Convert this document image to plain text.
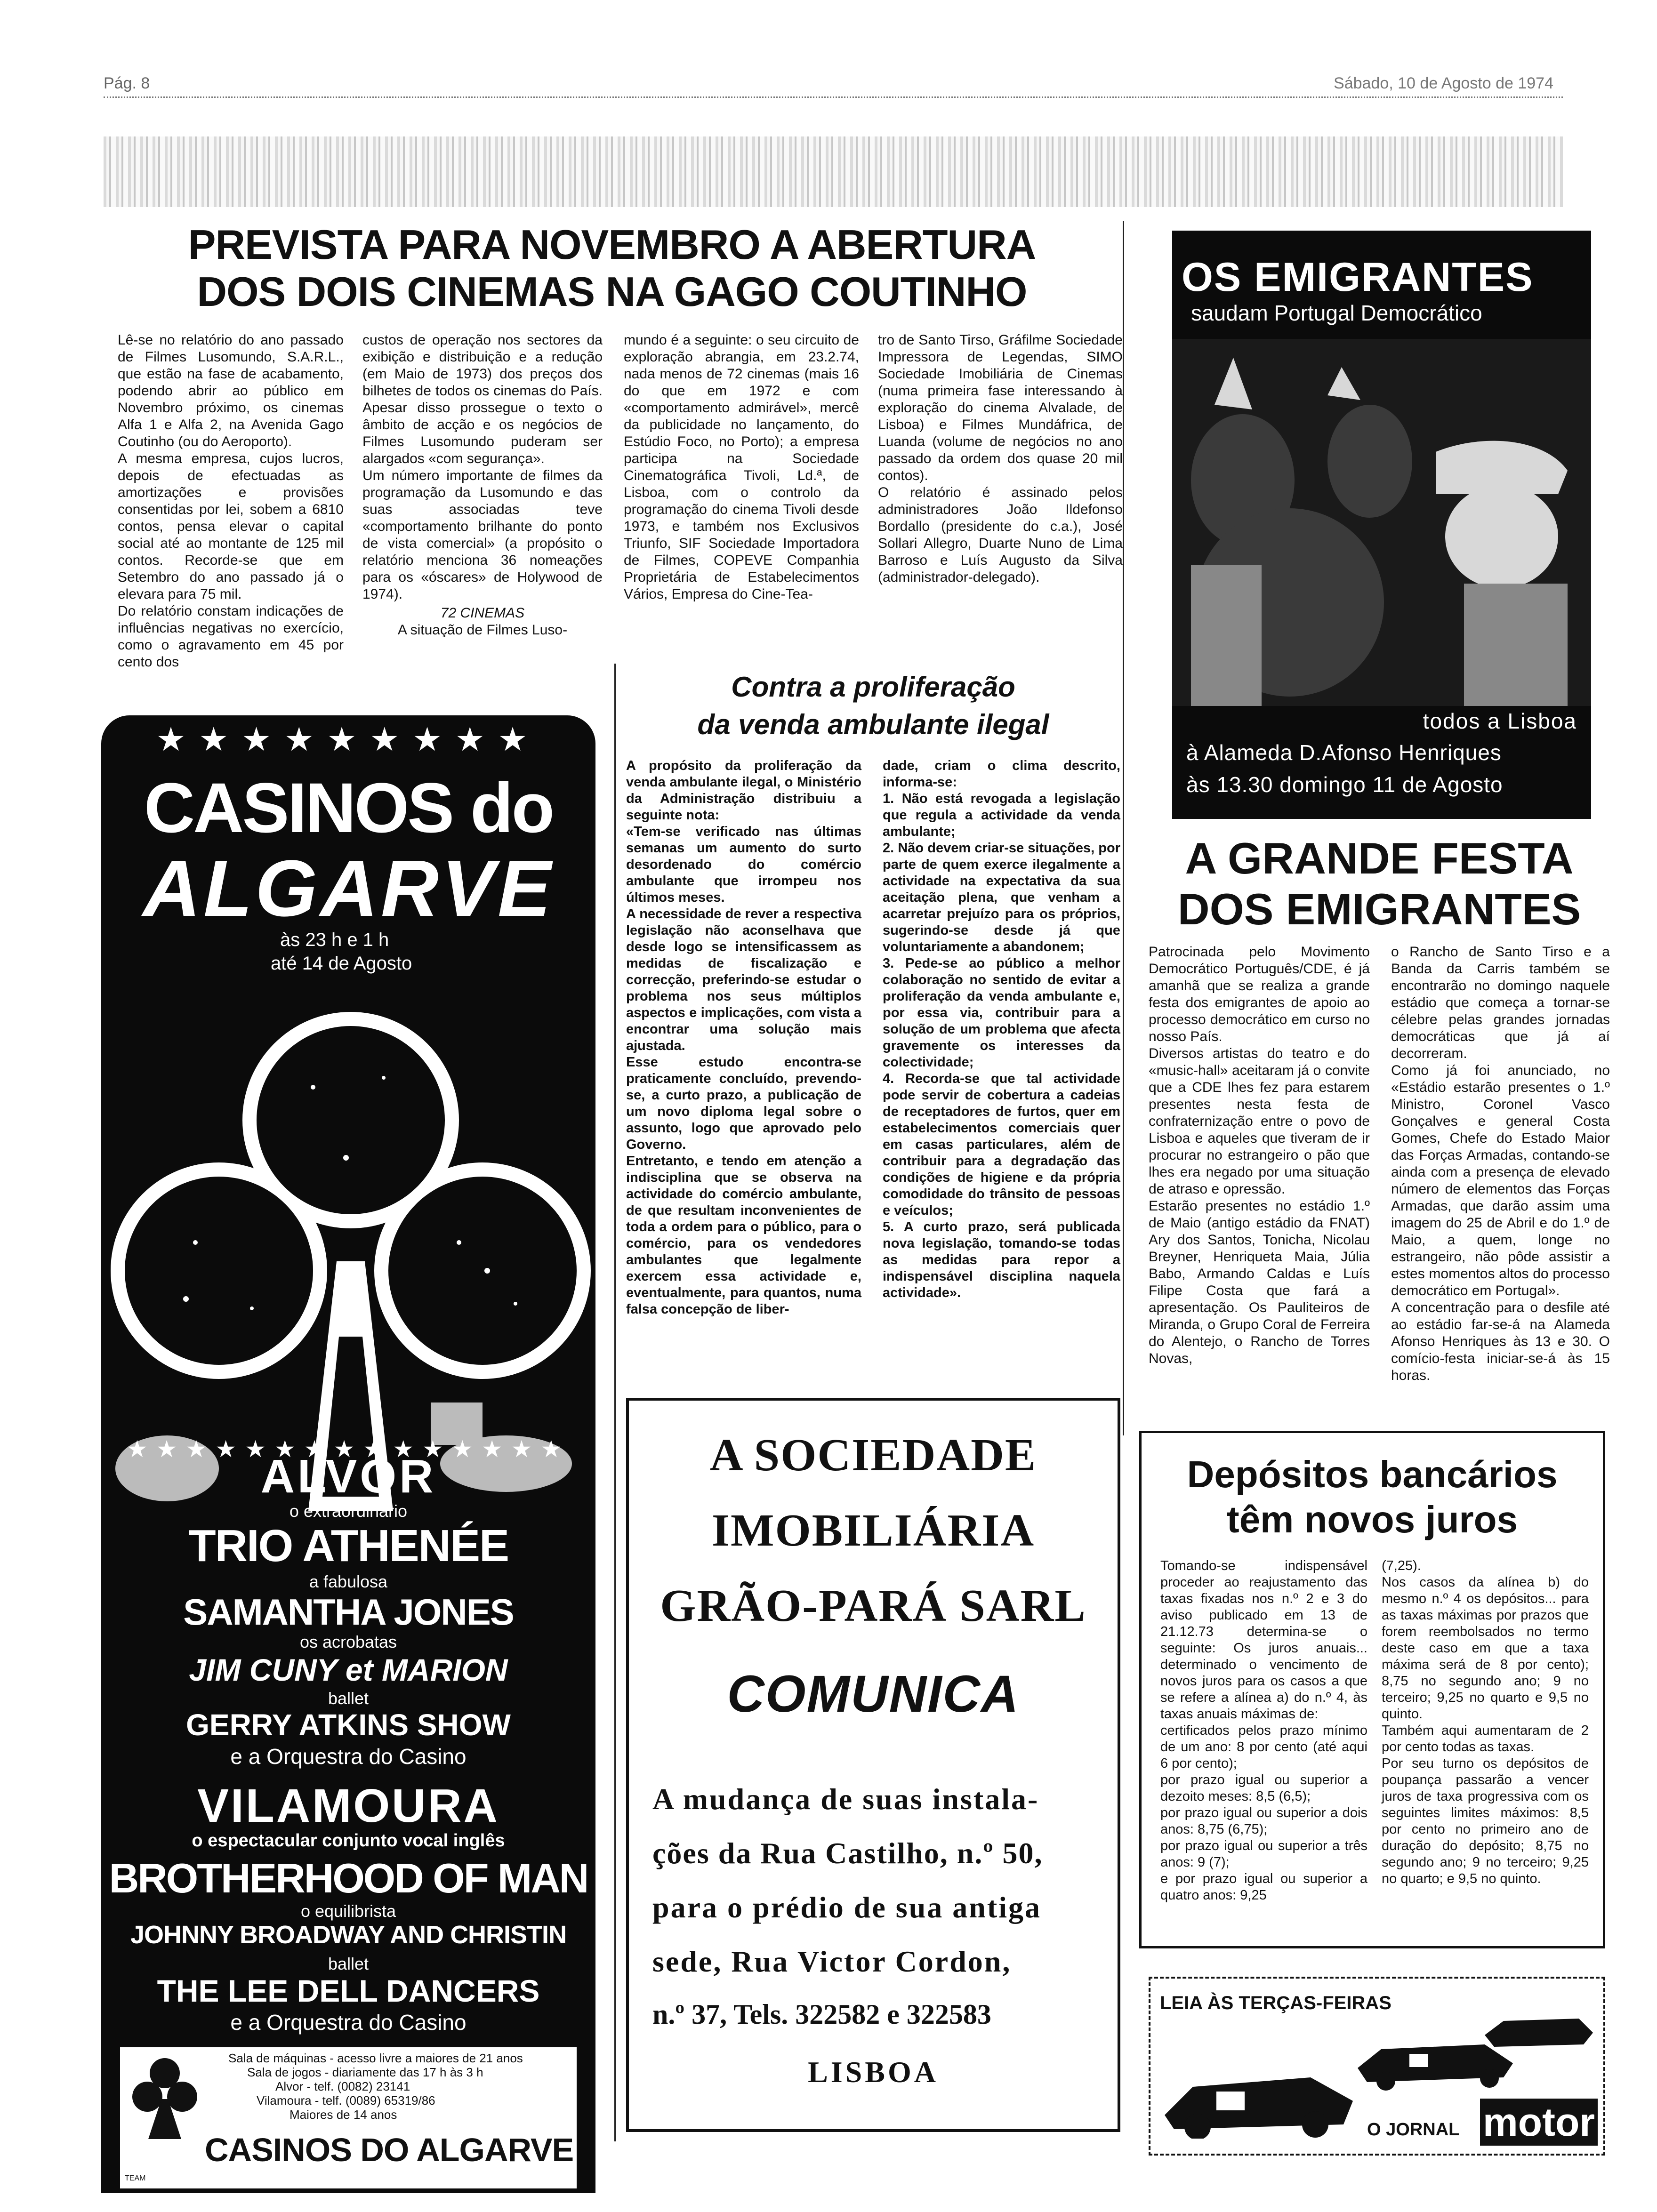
Pág. 8	Sábado, 10 de Agosto de 1974
PREVISTA PARA NOVEMBRO A ABERTURA
DOS DOIS CINEMAS NA GAGO COUTINHO
Lê-se no relatório do ano passado de Filmes Lusomundo, S.A.R.L., que estão na fase de acabamento, podendo abrir ao público em Novembro próximo, os cinemas Alfa 1 e Alfa 2, na Avenida Gago Coutinho (ou do Aeroporto).
A mesma empresa, cujos lucros, depois de efectuadas as amortizações e provisões consentidas por lei, sobem a 6810 contos, pensa elevar o capital social até ao montante de 125 mil contos. Recorde-se que em Setembro do ano passado já o elevara para 75 mil.
Do relatório constam indicações de influências negativas no exercício, como o agravamento em 45 por cento dos
custos de operação nos sectores da exibição e distribuição e a redução (em Maio de 1973) dos preços dos bilhetes de todos os cinemas do País. Apesar disso prossegue o texto o âmbito de acção e os negócios de Filmes Lusomundo puderam ser alargados «com segurança».
Um número importante de filmes da programação da Lusomundo e das suas associadas teve «comportamento brilhante do ponto de vista comercial» (a propósito o relatório menciona 36 nomeações para os «óscares» de Holywood de 1974).
72 CINEMAS
A situação de Filmes Luso-
mundo é a seguinte: o seu circuito de exploração abrangia, em 23.2.74, nada menos de 72 cinemas (mais 16 do que em 1972 e com «comportamento admirável», mercê da publicidade no lançamento, do Estúdio Foco, no Porto); a empresa participa na Sociedade Cinematográfica Tivoli, Ld.ª, de Lisboa, com o controlo da programação do cinema Tivoli desde 1973, e também nos Exclusivos Triunfo, SIF Sociedade Importadora de Filmes, COPEVE Companhia Proprietária de Estabelecimentos Vários, Empresa do Cine-Tea-
tro de Santo Tirso, Gráfilme Sociedade Impressora de Legendas, SIMO Sociedade Imobiliária de Cinemas (numa primeira fase interessando à exploração do cinema Alvalade, de Lisboa) e Filmes Mundáfrica, de Luanda (volume de negócios no ano passado da ordem dos quase 20 mil contos).
O relatório é assinado pelos administradores João Ildefonso Bordallo (presidente do c.a.), José Sollari Allegro, Duarte Nuno de Lima Barroso e Luís Augusto da Silva (administrador-delegado).
OS EMIGRANTES
saudam Portugal Democrático
todos a Lisboa
à Alameda D.Afonso Henriques
às 13.30 domingo 11 de Agosto
A GRANDE FESTA
DOS EMIGRANTES
Patrocinada pelo Movimento Democrático Português/CDE, é já amanhã que se realiza a grande festa dos emigrantes de apoio ao processo democrático em curso no nosso País.
Diversos artistas do teatro e do «music-hall» aceitaram já o convite que a CDE lhes fez para estarem presentes nesta festa de confraternização entre o povo de Lisboa e aqueles que tiveram de ir procurar no estrangeiro o pão que lhes era negado por uma situação de atraso e opressão.
Estarão presentes no estádio 1.º de Maio (antigo estádio da FNAT) Ary dos Santos, Tonicha, Nicolau Breyner, Henriqueta Maia, Júlia Babo, Armando Caldas e Luís Filipe Costa que fará a apresentação. Os Pauliteiros de Miranda, o Grupo Coral de Ferreira do Alentejo, o Rancho de Torres Novas,
o Rancho de Santo Tirso e a Banda da Carris também se encontrarão no domingo naquele estádio que começa a tornar-se célebre pelas grandes jornadas democráticas que já aí decorreram.
Como já foi anunciado, no «Estádio estarão presentes o 1.º Ministro, Coronel Vasco Gonçalves e general Costa Gomes, Chefe do Estado Maior das Forças Armadas, contando-se ainda com a presença de elevado número de elementos das Forças Armadas, que darão assim uma imagem do 25 de Abril e do 1.º de Maio, a quem, longe no estrangeiro, não pôde assistir a estes momentos altos do processo democrático em Portugal».
A concentração para o desfile até ao estádio far-se-á na Alameda Afonso Henriques às 13 e 30. O comício-festa iniciar-se-á às 15 horas.
Contra a proliferação
da venda ambulante ilegal
A propósito da proliferação da venda ambulante ilegal, o Ministério da Administração distribuiu a seguinte nota:
«Tem-se verificado nas últimas semanas um aumento do surto desordenado do comércio ambulante que irrompeu nos últimos meses.
A necessidade de rever a respectiva legislação não aconselhava que desde logo se intensificassem as medidas de fiscalização e correcção, preferindo-se estudar o problema nos seus múltiplos aspectos e implicações, com vista a encontrar uma solução mais ajustada.
Esse estudo encontra-se praticamente concluído, prevendo-se, a curto prazo, a publicação de um novo diploma legal sobre o assunto, logo que aprovado pelo Governo.
Entretanto, e tendo em atenção a indisciplina que se observa na actividade do comércio ambulante, de que resultam inconvenientes de toda a ordem para o público, para o comércio, para os vendedores ambulantes que legalmente exercem essa actividade e, eventualmente, para quantos, numa falsa concepção de liber-
dade, criam o clima descrito, informa-se:
1. Não está revogada a legislação que regula a actividade da venda ambulante;
2. Não devem criar-se situações, por parte de quem exerce ilegalmente a actividade na expectativa da sua aceitação plena, que venham a acarretar prejuízo para os próprios, sugerindo-se desde já que voluntariamente a abandonem;
3. Pede-se ao público a melhor colaboração no sentido de evitar a proliferação da venda ambulante e, por essa via, contribuir para a solução de um problema que afecta gravemente os interesses da colectividade;
4. Recorda-se que tal actividade pode servir de cobertura a cadeias de receptadores de furtos, quer em estabelecimentos comerciais quer em casas particulares, além de contribuir para a degradação das condições de higiene e da própria comodidade do trânsito de pessoas e veículos;
5. A curto prazo, será publicada nova legislação, tomando-se todas as medidas para repor a indispensável disciplina naquela actividade».
★★★★★★★★★
CASINOS do
ALGARVE
às 23 h e 1 h
até 14 de Agosto
★★★★★★★★★★★★★★★
ALVOR
o extraordinário
TRIO ATHENÉE
a fabulosa
SAMANTHA JONES
os acrobatas
JIM CUNY et MARION
ballet
GERRY ATKINS SHOW
e a Orquestra do Casino
VILAMOURA
o espectacular conjunto vocal inglês
BROTHERHOOD OF MAN
o equilibrista
JOHNNY BROADWAY AND CHRISTIN
ballet
THE LEE DELL DANCERS
e a Orquestra do Casino
Sala de máquinas - acesso livre a maiores de 21 anos
Sala de jogos - diariamente das 17 h às 3 h
Alvor - telf. (0082) 23141
Vilamoura - telf. (0089) 65319/86
Maiores de 14 anos
CASINOS DO ALGARVE
TEAM
A SOCIEDADE
IMOBILIÁRIA
GRÃO-PARÁ SARL
COMUNICA
A mudança de suas instala-
ções da Rua Castilho, n.º 50,
para o prédio de sua antiga
sede, Rua Victor Cordon,
n.º 37, Tels. 322582 e 322583
LISBOA
Depósitos bancários
têm novos juros
Tomando-se indispensável proceder ao reajustamento das taxas fixadas nos n.º 2 e 3 do aviso publicado em 13 de 21.12.73 determina-se o seguinte: Os juros anuais... determinado o vencimento de novos juros para os casos a que se refere a alínea a) do n.º 4, às taxas anuais máximas de:
certificados pelos prazo mínimo de um ano: 8 por cento (até aqui 6 por cento);
por prazo igual ou superior a dezoito meses: 8,5 (6,5);
por prazo igual ou superior a dois anos: 8,75 (6,75);
por prazo igual ou superior a três anos: 9 (7);
e por prazo igual ou superior a quatro anos: 9,25
(7,25).
Nos casos da alínea b) do mesmo n.º 4 os depósitos... para as taxas máximas por prazos que forem reembolsados no termo deste caso em que a taxa máxima será de 8 por cento); 8,75 no segundo ano; 9 no terceiro; 9,25 no quarto e 9,5 no quinto.
Também aqui aumentaram de 2 por cento todas as taxas.
Por seu turno os depósitos de poupança passarão a vencer juros de taxa progressiva com os seguintes limites máximos: 8,5 por cento no primeiro ano de duração do depósito; 8,75 no segundo ano; 9 no terceiro; 9,25 no quarto; e 9,5 no quinto.
LEIA ÀS TERÇAS-FEIRAS
O JORNAL motor
